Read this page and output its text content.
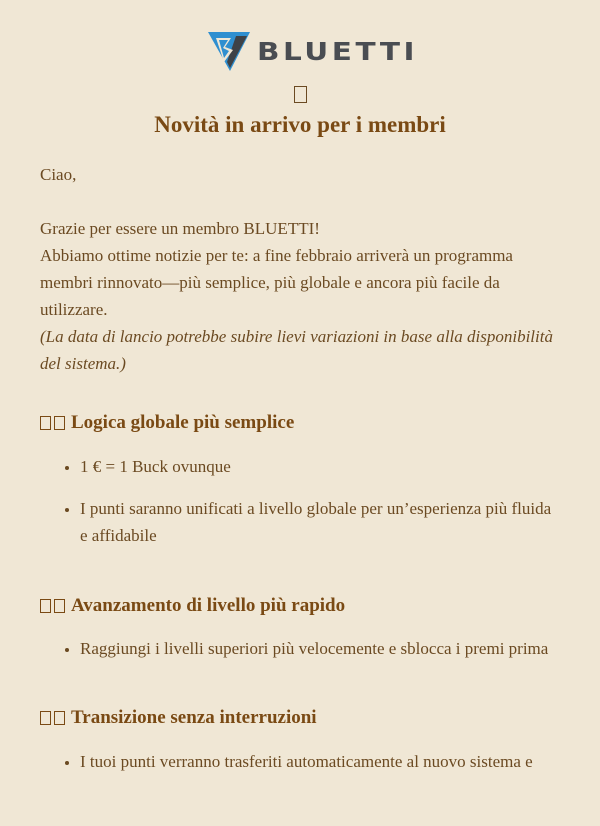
BLUETTI
Novità in arrivo per i membri

Ciao,

Grazie per essere un membro BLUETTI!
Abbiamo ottime notizie per te: a fine febbraio arriverà un programma membri rinnovato—più semplice, più globale e ancora più facile da utilizzare.
(La data di lancio potrebbe subire lievi variazioni in base alla disponibilità del sistema.)

Logica globale più semplice
• 1 € = 1 Buck ovunque
• I punti saranno unificati a livello globale per un’esperienza più fluida e affidabile
Avanzamento di livello più rapido
• Raggiungi i livelli superiori più velocemente e sblocca i premi prima
Transizione senza interruzioni
• I tuoi punti verranno trasferiti automaticamente al nuovo sistema e
